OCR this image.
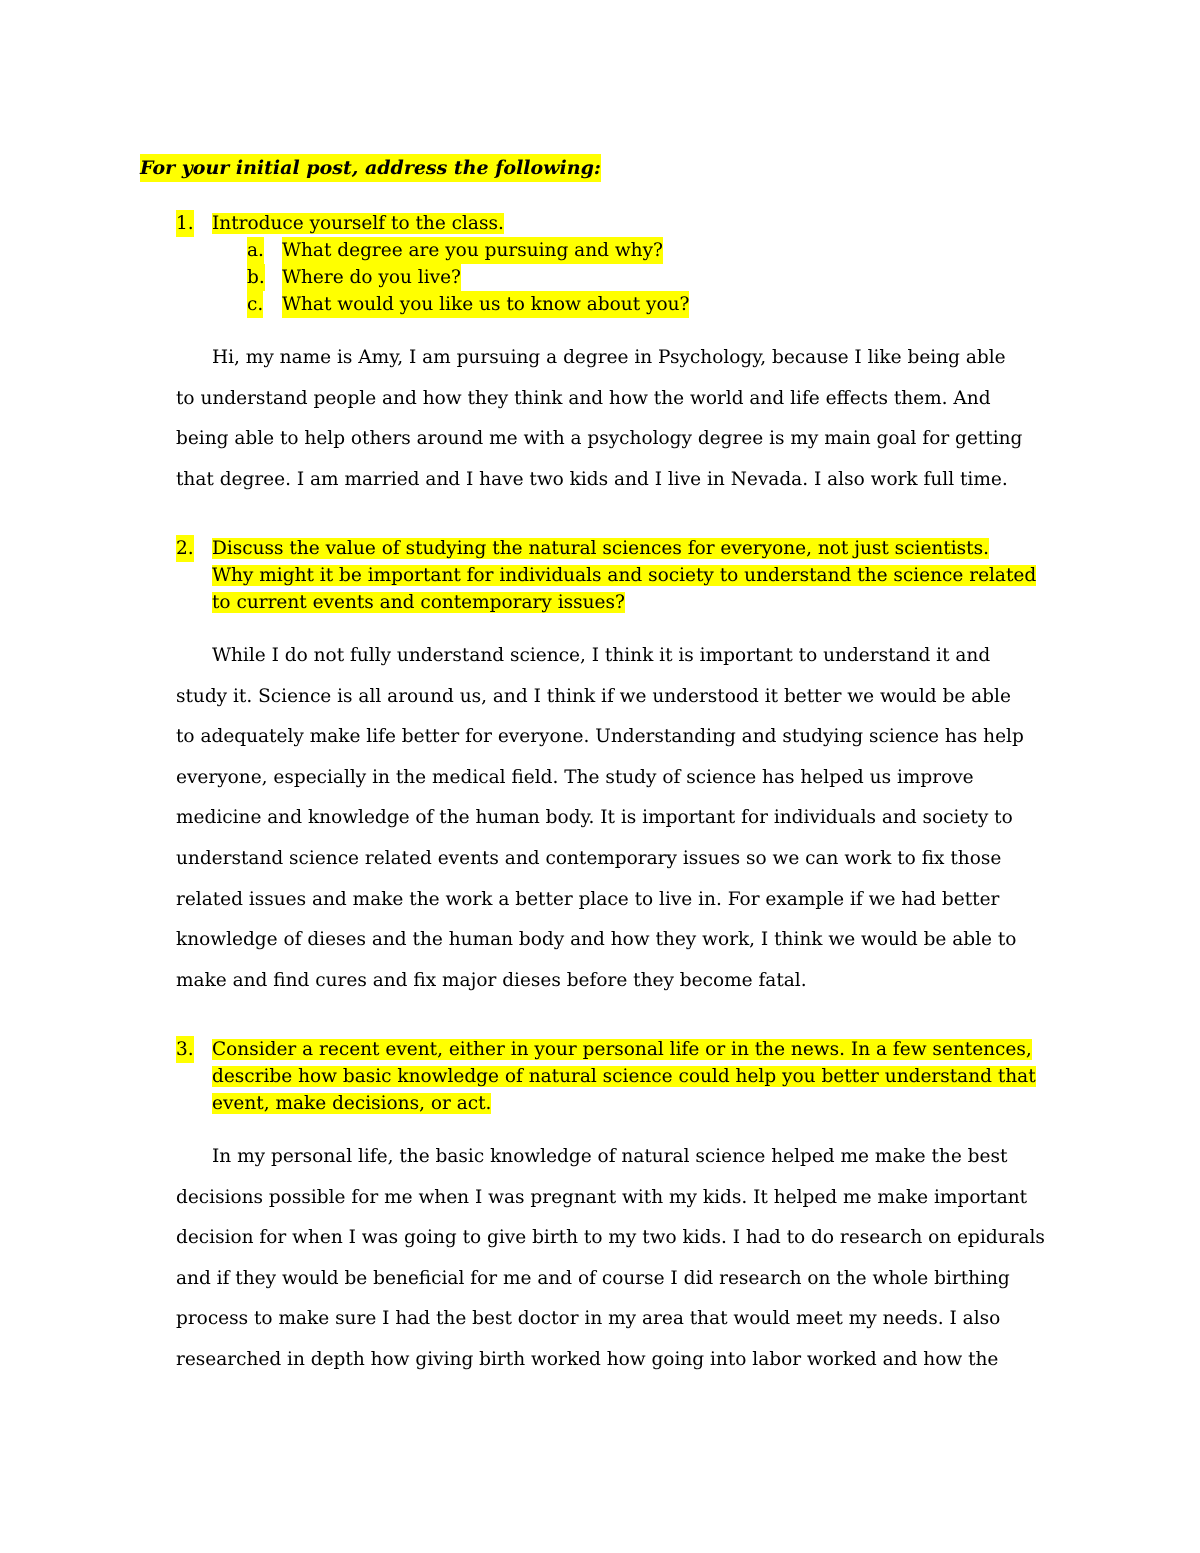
For your initial post, address the following:
1. Introduce yourself to the class.
a. What degree are you pursuing and why?
b. Where do you live?
c. What would you like us to know about you?
Hi, my name is Amy, I am pursuing a degree in Psychology, because I like being able
to understand people and how they think and how the world and life effects them. And
being able to help others around me with a psychology degree is my main goal for getting
that degree. I am married and I have two kids and I live in Nevada. I also work full time.
2. Discuss the value of studying the natural sciences for everyone, not just scientists.
Why might it be important for individuals and society to understand the science related
to current events and contemporary issues?
While I do not fully understand science, I think it is important to understand it and
study it. Science is all around us, and I think if we understood it better we would be able
to adequately make life better for everyone. Understanding and studying science has help
everyone, especially in the medical field. The study of science has helped us improve
medicine and knowledge of the human body. It is important for individuals and society to
understand science related events and contemporary issues so we can work to fix those
related issues and make the work a better place to live in. For example if we had better
knowledge of dieses and the human body and how they work, I think we would be able to
make and find cures and fix major dieses before they become fatal.
3. Consider a recent event, either in your personal life or in the news. In a few sentences,
describe how basic knowledge of natural science could help you better understand that
event, make decisions, or act.
In my personal life, the basic knowledge of natural science helped me make the best
decisions possible for me when I was pregnant with my kids. It helped me make important
decision for when I was going to give birth to my two kids. I had to do research on epidurals
and if they would be beneficial for me and of course I did research on the whole birthing
process to make sure I had the best doctor in my area that would meet my needs. I also
researched in depth how giving birth worked how going into labor worked and how the
